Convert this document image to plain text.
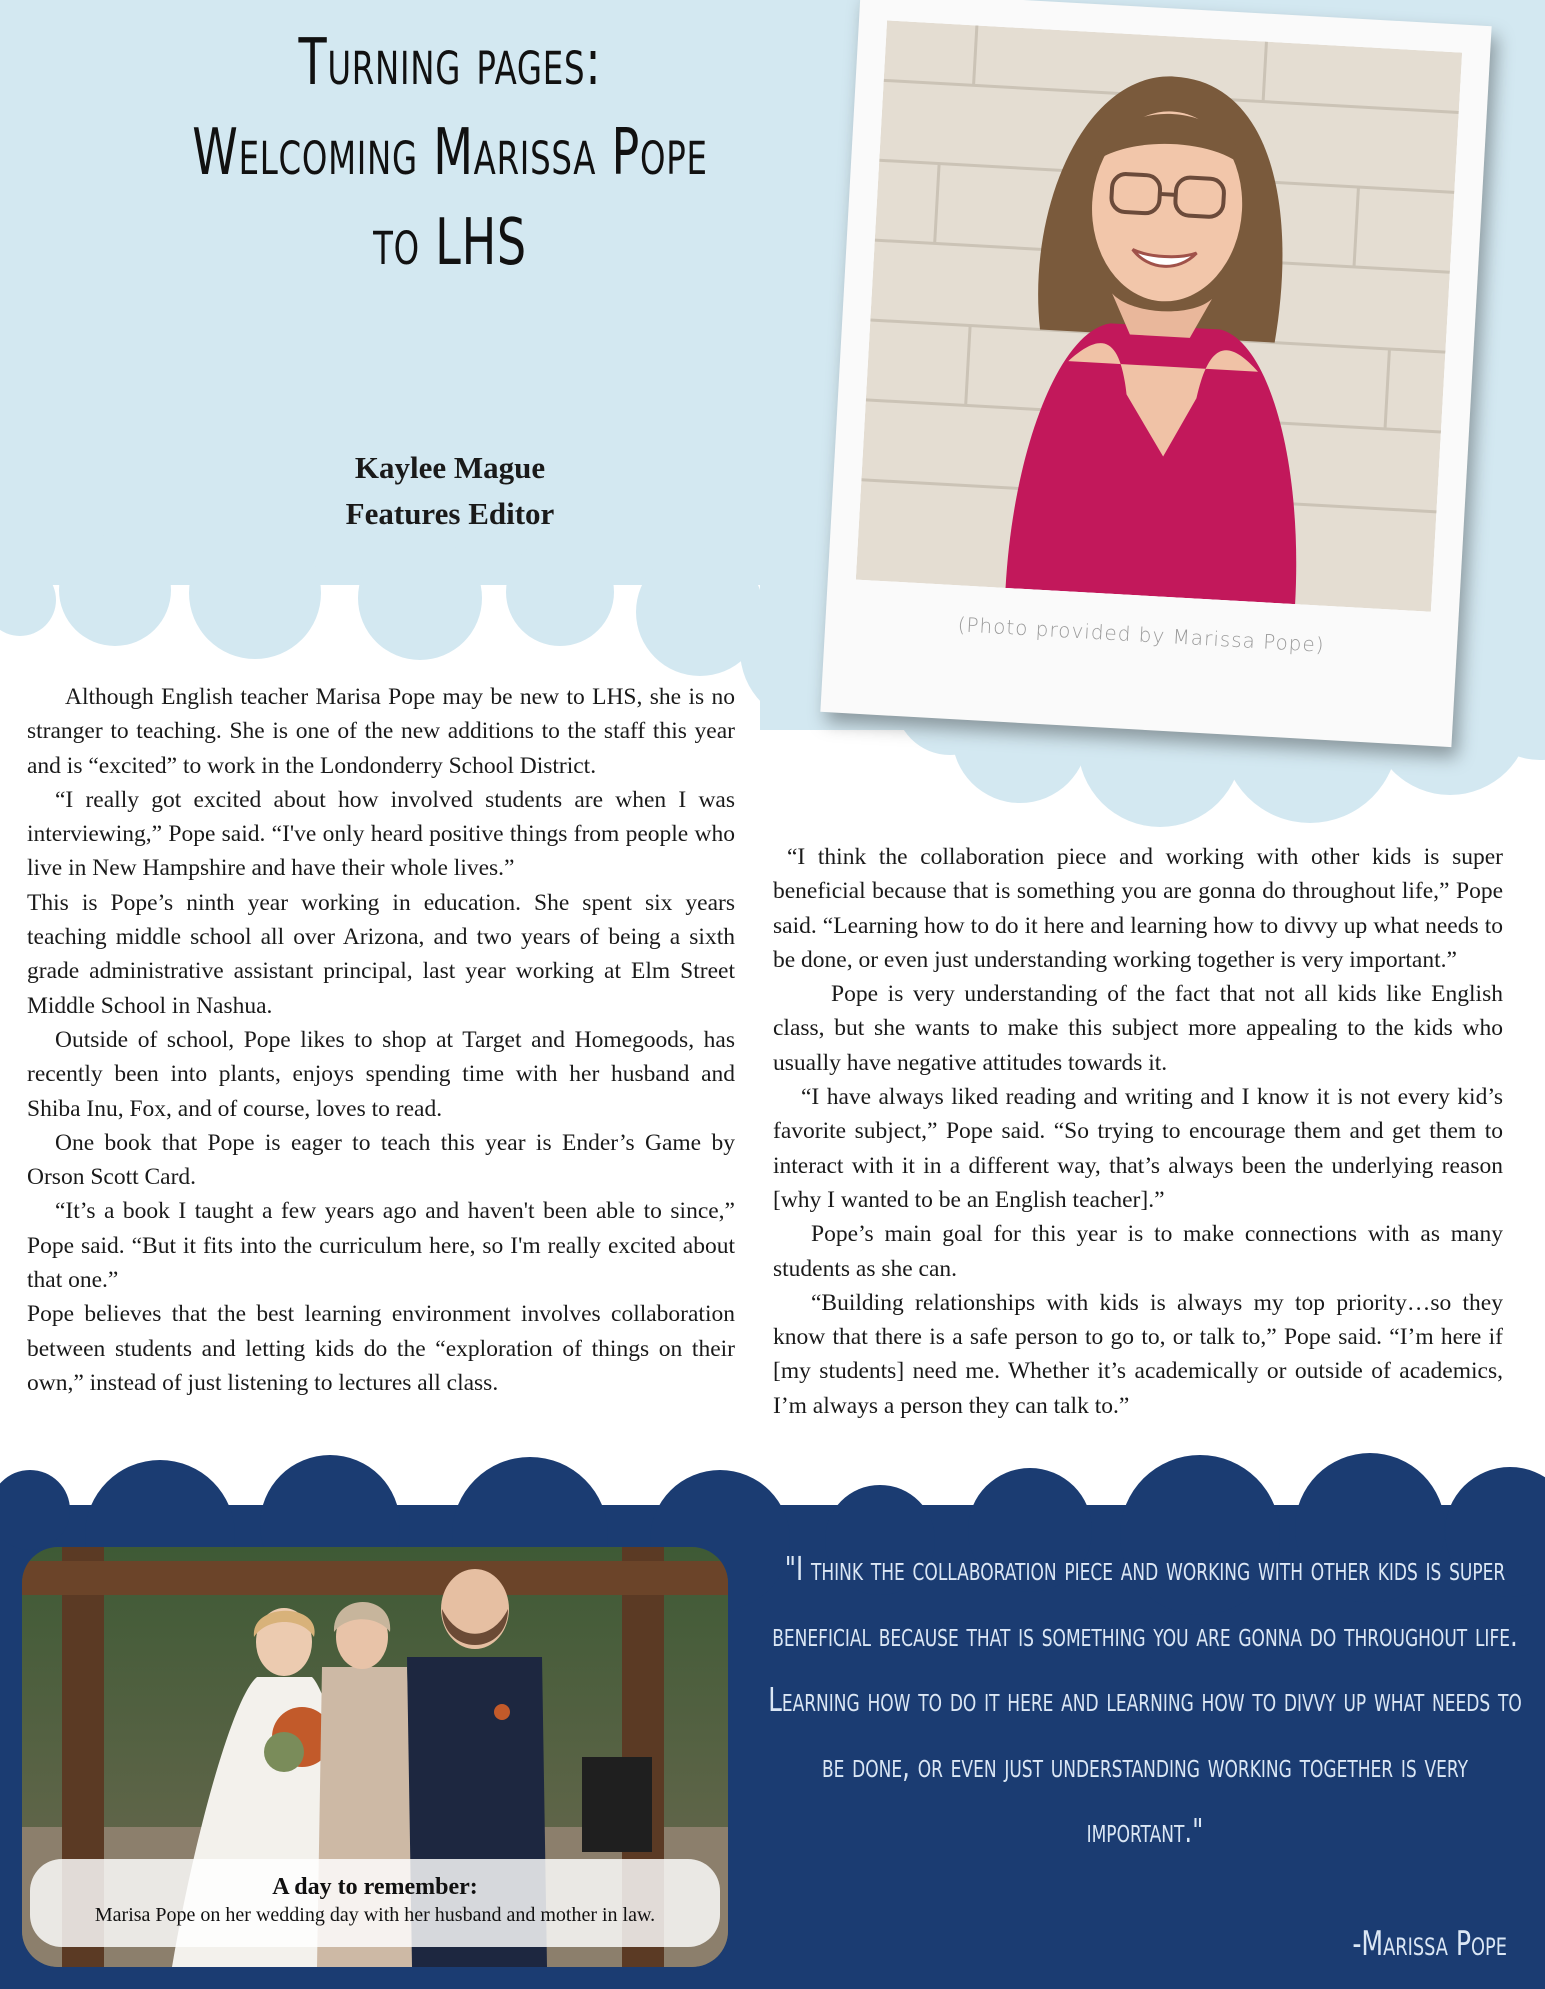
Turning pages:
Welcoming Marissa Pope
to LHS
Kaylee Mague
Features Editor
(Photo provided by Marissa Pope)

Although English teacher Marisa Pope may be new to LHS, she is no stranger to teaching. She is one of the new additions to the staff this year and is “excited” to work in the Londonderry School District.

“I really got excited about how involved students are when I was interviewing,” Pope said. “I've only heard positive things from people who live in New Hampshire and have their whole lives.”

This is Pope’s ninth year working in education. She spent six years teaching middle school all over Arizona, and two years of being a sixth grade administrative assistant principal, last year working at Elm Street Middle School in Nashua.

Outside of school, Pope likes to shop at Target and Homegoods, has recently been into plants, enjoys spending time with her husband and Shiba Inu, Fox, and of course, loves to read.

One book that Pope is eager to teach this year is Ender’s Game by Orson Scott Card.

“It’s a book I taught a few years ago and haven't been able to since,” Pope said. “But it fits into the curriculum here, so I'm really excited about that one.”

Pope believes that the best learning environment involves collaboration between students and letting kids do the “exploration of things on their own,” instead of just listening to lectures all class.

“I think the collaboration piece and working with other kids is super beneficial because that is something you are gonna do throughout life,” Pope said. “Learning how to do it here and learning how to divvy up what needs to be done, or even just understanding working together is very important.”

Pope is very understanding of the fact that not all kids like English class, but she wants to make this subject more appealing to the kids who usually have negative attitudes towards it.

“I have always liked reading and writing and I know it is not every kid’s favorite subject,” Pope said. “So trying to encourage them and get them to interact with it in a different way, that’s always been the underlying reason [why I wanted to be an English teacher].”

Pope’s main goal for this year is to make connections with as many students as she can.

“Building relationships with kids is always my top priority…so they know that there is a safe person to go to, or talk to,” Pope said. “I’m here if [my students] need me. Whether it’s academically or outside of academics, I’m always a person they can talk to.”

A day to remember:
Marisa Pope on her wedding day with her husband and mother in law.
"I think the collaboration piece and working with other kids is super beneficial because that is something you are gonna do throughout life. Learning how to do it here and learning how to divvy up what needs to be done, or even just understanding working together is very important."
-Marissa Pope
